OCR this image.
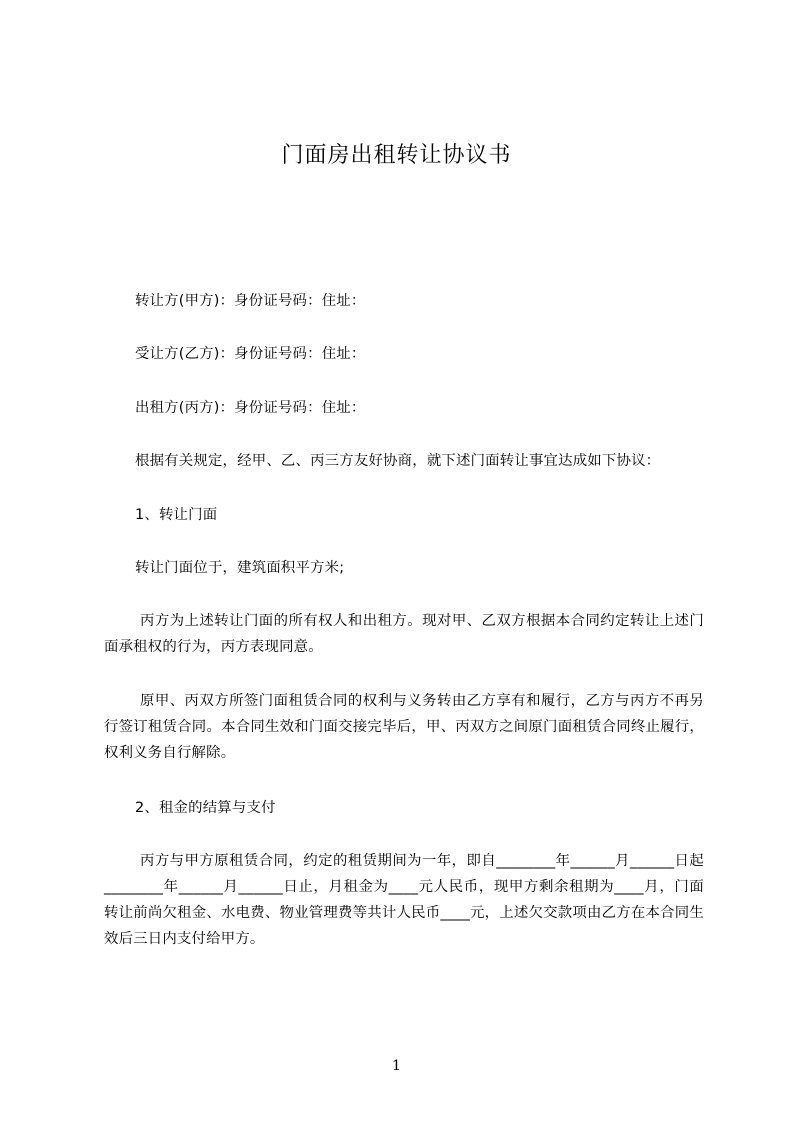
门面房出租转让协议书
转让方(甲方)：身份证号码：住址：
受让方(乙方)：身份证号码：住址：
出租方(丙方)：身份证号码：住址：
根据有关规定，经甲、乙、丙三方友好协商，就下述门面转让事宜达成如下协议：
1、转让门面
转让门面位于，建筑面积平方米;
丙方为上述转让门面的所有权人和出租方。现对甲、乙双方根据本合同约定转让上述门面承租权的行为，丙方表现同意。
原甲、丙双方所签门面租赁合同的权利与义务转由乙方享有和履行，乙方与丙方不再另行签订租赁合同。本合同生效和门面交接完毕后，甲、丙双方之间原门面租赁合同终止履行，权利义务自行解除。
2、租金的结算与支付
丙方与甲方原租赁合同，约定的租赁期间为一年，即自________年______月______日起________年______月______日止，月租金为____元人民币，现甲方剩余租期为____月，门面转让前尚欠租金、水电费、物业管理费等共计人民币____元，上述欠交款项由乙方在本合同生效后三日内支付给甲方。
1
